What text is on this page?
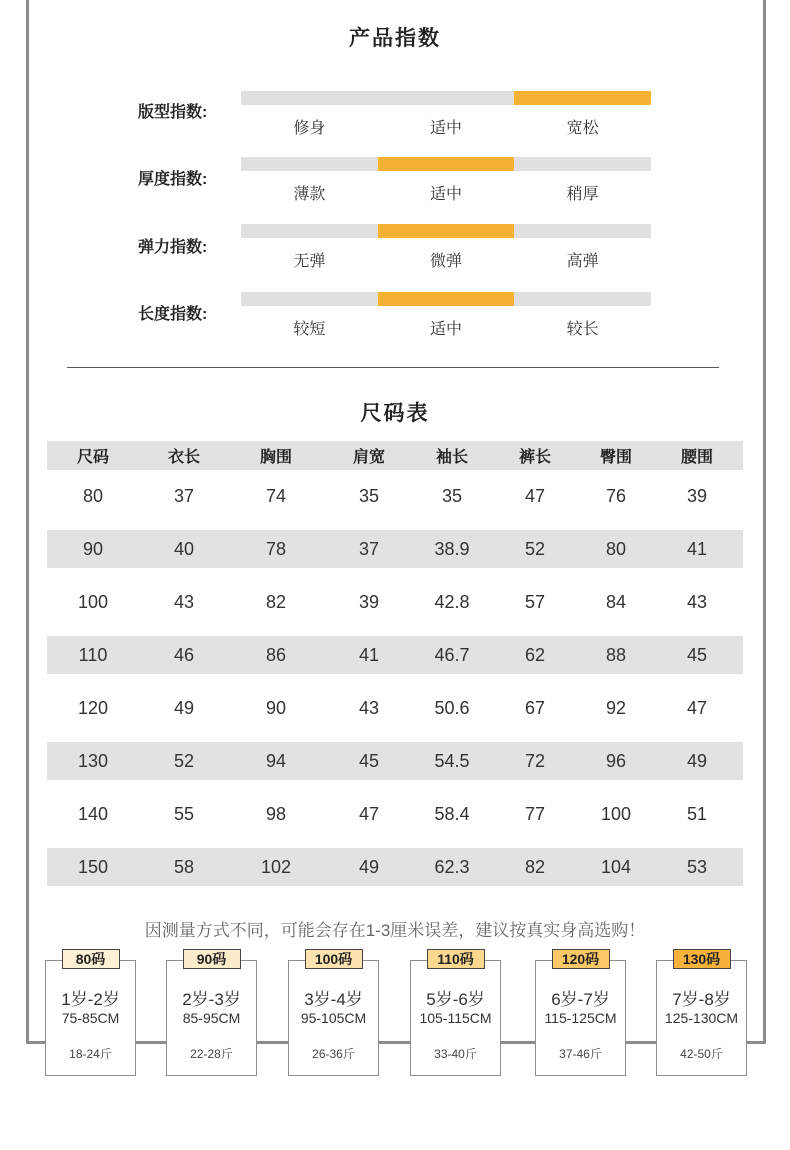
产品指数
版型指数:
修身	适中	宽松
厚度指数:
薄款	适中	稍厚
弹力指数:
无弹	微弹	高弹
长度指数:
较短	适中	较长
尺码表
尺码	衣长	胸围	肩宽	袖长	裤长	臀围	腰围
80	37	74	35	35	47	76	39
90	40	78	37	38.9	52	80	41
100	43	82	39	42.8	57	84	43
110	46	86	41	46.7	62	88	45
120	49	90	43	50.6	67	92	47
130	52	94	45	54.5	72	96	49
140	55	98	47	58.4	77	100	51
150	58	102	49	62.3	82	104	53
因测量方式不同，可能会存在1-3厘米误差，建议按真实身高选购！
80码
1岁-2岁
75-85CM
18-24斤
90码
2岁-3岁
85-95CM
22-28斤
100码
3岁-4岁
95-105CM
26-36斤
110码
5岁-6岁
105-115CM
33-40斤
120码
6岁-7岁
115-125CM
37-46斤
130码
7岁-8岁
125-130CM
42-50斤
